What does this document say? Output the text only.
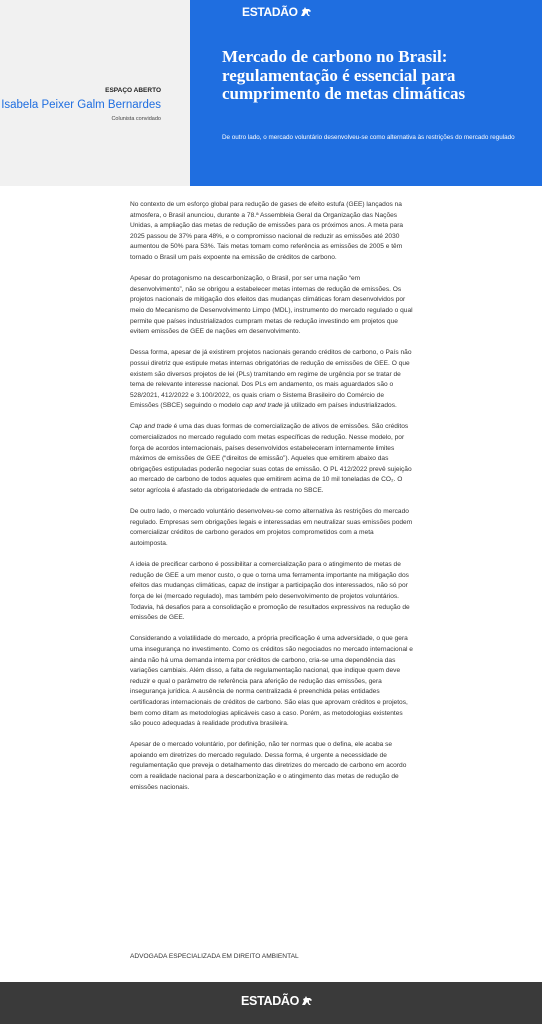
ESTADÃO
ESPAÇO ABERTO
Isabela Peixer Galm Bernardes
Colunista convidado
Mercado de carbono no Brasil: regulamentação é essencial para cumprimento de metas climáticas
De outro lado, o mercado voluntário desenvolveu-se como alternativa às restrições do mercado regulado

No contexto de um esforço global para redução de gases de efeito estufa (GEE) lançados na atmosfera, o Brasil anunciou, durante a 78.ª Assembleia Geral da Organização das Nações Unidas, a ampliação das metas de redução de emissões para os próximos anos. A meta para 2025 passou de 37% para 48%, e o compromisso nacional de reduzir as emissões até 2030 aumentou de 50% para 53%. Tais metas tomam como referência as emissões de 2005 e têm tornado o Brasil um país expoente na emissão de créditos de carbono.

Apesar do protagonismo na descarbonização, o Brasil, por ser uma nação “em desenvolvimento”, não se obrigou a estabelecer metas internas de redução de emissões. Os projetos nacionais de mitigação dos efeitos das mudanças climáticas foram desenvolvidos por meio do Mecanismo de Desenvolvimento Limpo (MDL), instrumento do mercado regulado o qual permite que países industrializados cumpram metas de redução investindo em projetos que evitem emissões de GEE de nações em desenvolvimento.

Dessa forma, apesar de já existirem projetos nacionais gerando créditos de carbono, o País não possui diretriz que estipule metas internas obrigatórias de redução de emissões de GEE. O que existem são diversos projetos de lei (PLs) tramitando em regime de urgência por se tratar de tema de relevante interesse nacional. Dos PLs em andamento, os mais aguardados são o 528/2021, 412/2022 e 3.100/2022, os quais criam o Sistema Brasileiro do Comércio de Emissões (SBCE) seguindo o modelo cap and trade já utilizado em países industrializados.

Cap and trade é uma das duas formas de comercialização de ativos de emissões. São créditos comercializados no mercado regulado com metas específicas de redução. Nesse modelo, por força de acordos internacionais, países desenvolvidos estabeleceram internamente limites máximos de emissões de GEE (“direitos de emissão”). Aqueles que emitirem abaixo das obrigações estipuladas poderão negociar suas cotas de emissão. O PL 412/2022 prevê sujeição ao mercado de carbono de todos aqueles que emitirem acima de 10 mil toneladas de CO₂. O setor agrícola é afastado da obrigatoriedade de entrada no SBCE.

De outro lado, o mercado voluntário desenvolveu-se como alternativa às restrições do mercado regulado. Empresas sem obrigações legais e interessadas em neutralizar suas emissões podem comercializar créditos de carbono gerados em projetos comprometidos com a meta autoimposta.

A ideia de precificar carbono é possibilitar a comercialização para o atingimento de metas de redução de GEE a um menor custo, o que o torna uma ferramenta importante na mitigação dos efeitos das mudanças climáticas, capaz de instigar a participação dos interessados, não só por força de lei (mercado regulado), mas também pelo desenvolvimento de projetos voluntários. Todavia, há desafios para a consolidação e promoção de resultados expressivos na redução de emissões de GEE.

Considerando a volatilidade do mercado, a própria precificação é uma adversidade, o que gera uma insegurança no investimento. Como os créditos são negociados no mercado internacional e ainda não há uma demanda interna por créditos de carbono, cria-se uma dependência das variações cambiais. Além disso, a falta de regulamentação nacional, que indique quem deve reduzir e qual o parâmetro de referência para aferição de redução das emissões, gera insegurança jurídica. A ausência de norma centralizada é preenchida pelas entidades certificadoras internacionais de créditos de carbono. São elas que aprovam créditos e projetos, bem como ditam as metodologias aplicáveis caso a caso. Porém, as metodologias existentes são pouco adequadas à realidade produtiva brasileira.

Apesar de o mercado voluntário, por definição, não ter normas que o defina, ele acaba se apoiando em diretrizes do mercado regulado. Dessa forma, é urgente a necessidade de regulamentação que preveja o detalhamento das diretrizes do mercado de carbono em acordo com a realidade nacional para a descarbonização e o atingimento das metas de redução de emissões nacionais.

ADVOGADA ESPECIALIZADA EM DIREITO AMBIENTAL
ESTADÃO
